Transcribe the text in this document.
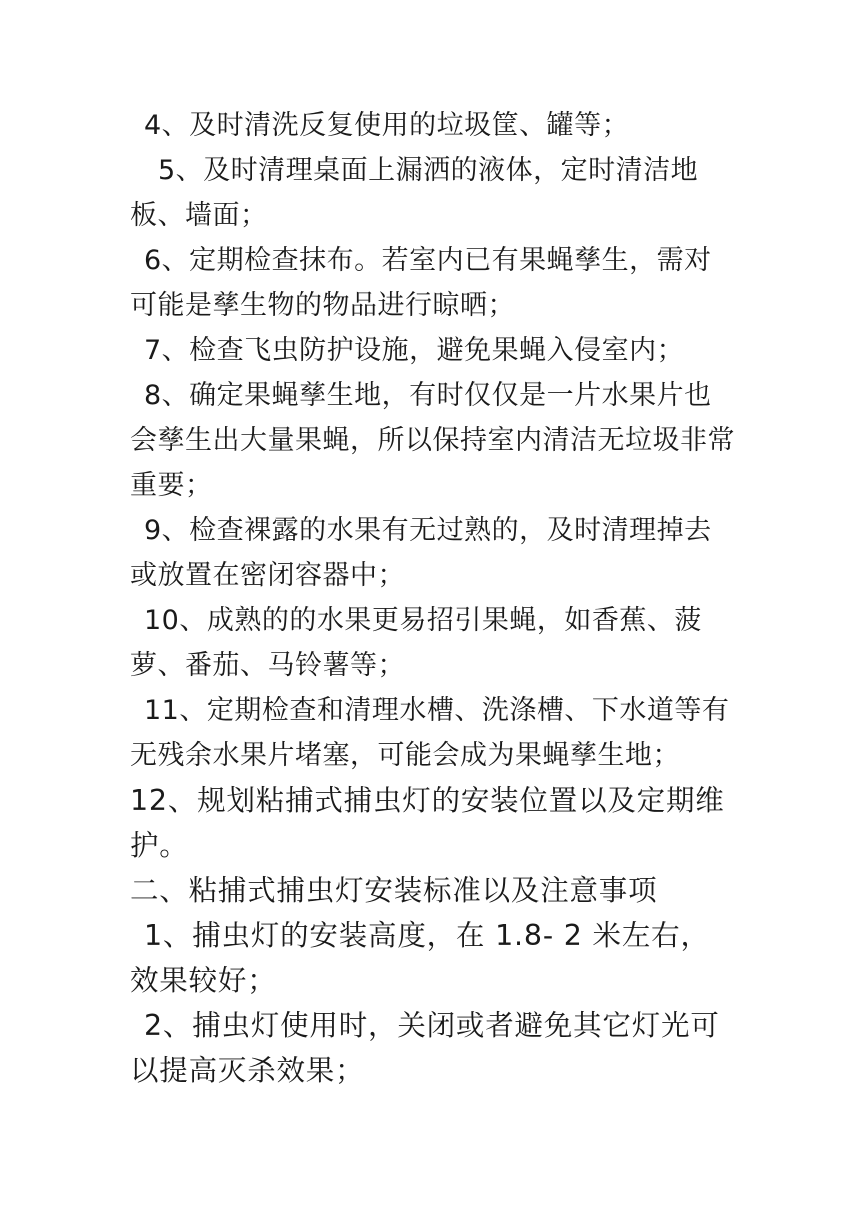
4、及时清洗反复使用的垃圾筐、罐等；

5、及时清理桌面上漏洒的液体，定时清洁地板、墙面；

6、定期检查抹布。若室内已有果蝇孳生，需对可能是孳生物的物品进行晾晒；

7、检查飞虫防护设施，避免果蝇入侵室内；

8、确定果蝇孳生地，有时仅仅是一片水果片也会孳生出大量果蝇，所以保持室内清洁无垃圾非常重要；

9、检查裸露的水果有无过熟的，及时清理掉去或放置在密闭容器中；

10、成熟的的水果更易招引果蝇，如香蕉、菠萝、番茄、马铃薯等；

11、定期检查和清理水槽、洗涤槽、下水道等有无残余水果片堵塞，可能会成为果蝇孳生地；

12、规划粘捕式捕虫灯的安装位置以及定期维护。

二、粘捕式捕虫灯安装标准以及注意事项

1、捕虫灯的安装高度，在 1.8- 2 米左右，效果较好；

2、捕虫灯使用时，关闭或者避免其它灯光可以提高灭杀效果；
